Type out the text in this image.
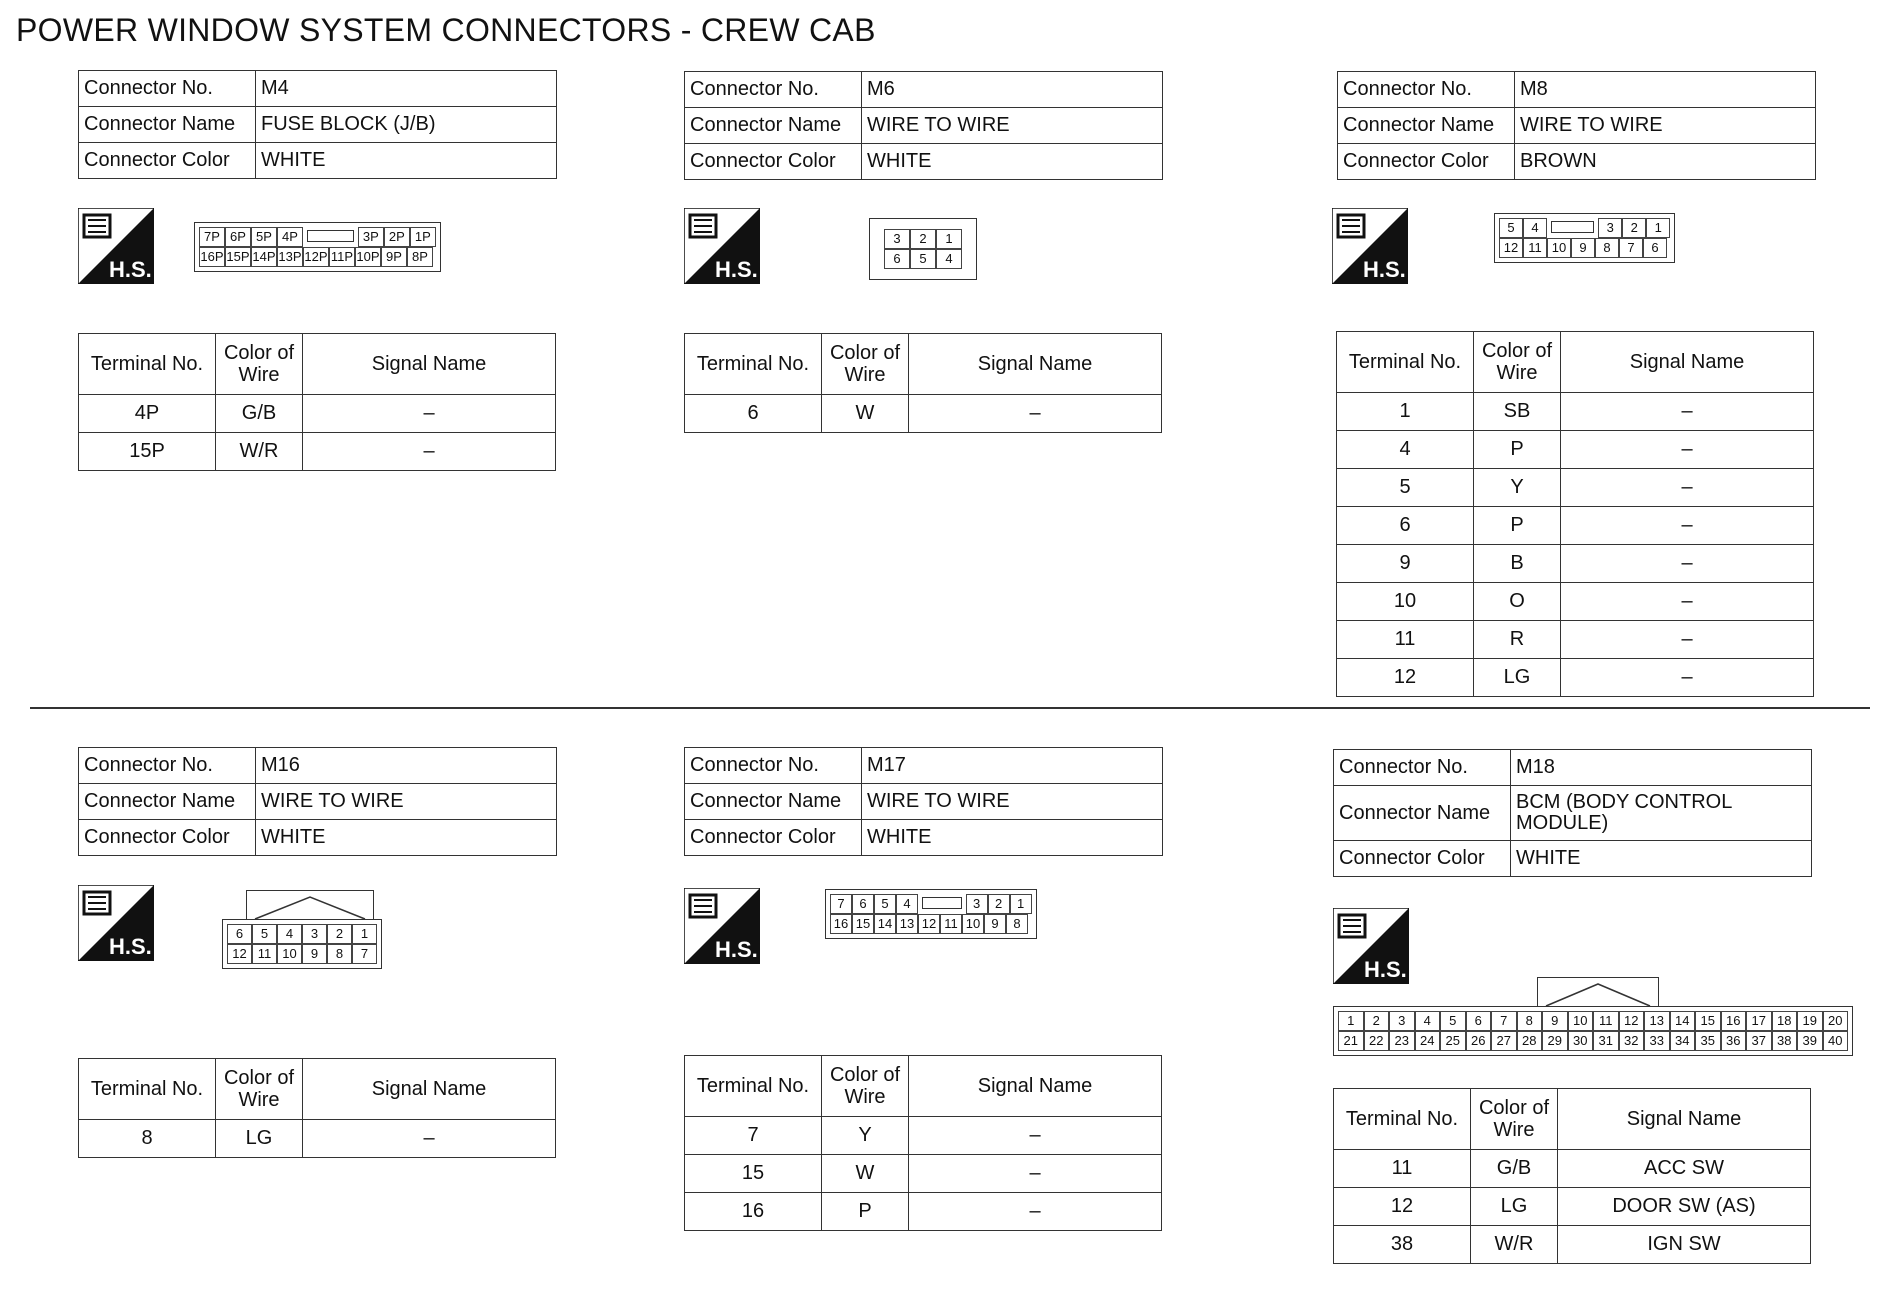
POWER WINDOW SYSTEM CONNECTORS - CREW CAB
Connector No.	M4
Connector Name	FUSE BLOCK (J/B)
Connector Color	WHITE
H.S.
7P 6P 5P 4P	3P 2P 1P
16P 15P 14P 13P 12P 11P 10P 9P 8P
Terminal No.	Color of Wire	Signal Name
4P	G/B	–
15P	W/R	–
Connector No.	M6
Connector Name	WIRE TO WIRE
Connector Color	WHITE
H.S.
3	2	1
6	5	4
Terminal No.	Color of Wire	Signal Name
6	W	–
Connector No.	M8
Connector Name	WIRE TO WIRE
Connector Color	BROWN
H.S.
5	4	3	2	1
12 11 10	9	8	7	6
Terminal No.	Color of Wire	Signal Name
1	SB	–
4	P	–
5	Y	–
6	P	–
9	B	–
10	O	–
11	R	–
12	LG	–
Connector No.	M16
Connector Name	WIRE TO WIRE
Connector Color	WHITE
H.S.
6	5	4	3	2	1
12 11 10	9	8	7
Terminal No.	Color of Wire	Signal Name
8	LG	–
Connector No.	M17
Connector Name	WIRE TO WIRE
Connector Color	WHITE
H.S.
7	6	5	4	3	2	1
16 15 14 13 12 11 10 9	8
Terminal No.	Color of Wire	Signal Name
7	Y	–
15	W	–
16	P	–
Connector No.	M18
Connector Name	BCM (BODY CONTROL MODULE)
Connector Color	WHITE
H.S.
1	2	3	4	5	6	7	8	9	10 11 12 13 14 15 16 17 18 19 20
21 22 23 24 25 26 27 28 29 30 31 32 33 34 35 36 37 38 39 40
Terminal No.	Color of Wire	Signal Name
11	G/B	ACC SW
12	LG	DOOR SW (AS)
38	W/R	IGN SW
